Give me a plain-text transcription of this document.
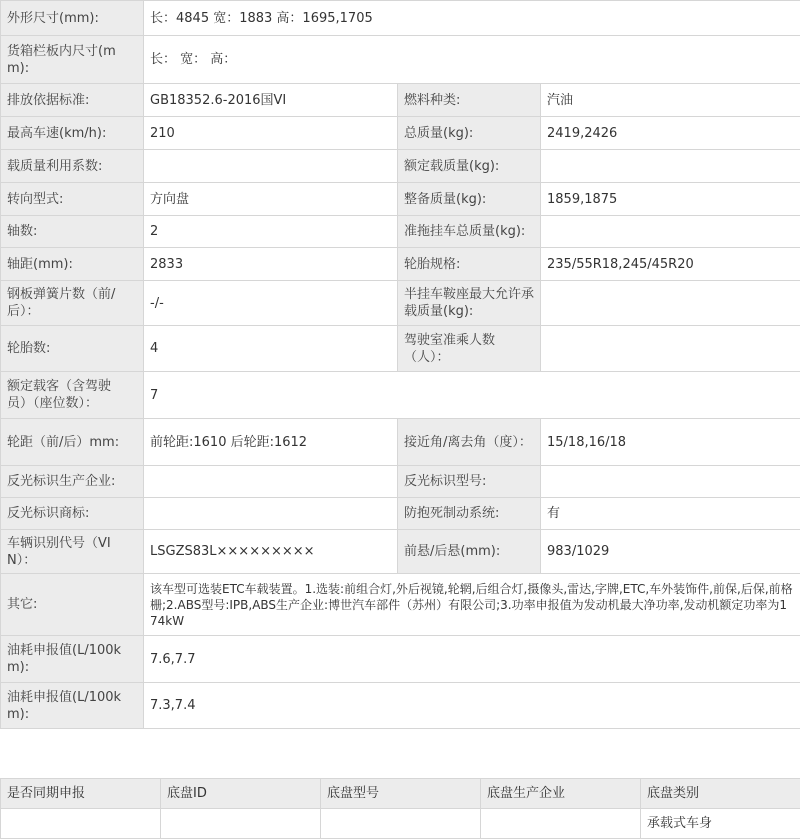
外形尺寸(mm):	长：4845 宽：1883 高：1695,1705		
货箱栏板内尺寸(mm):	长： 宽： 高：		
排放依据标准:	GB18352.6-2016国VI	燃料种类:	汽油
最高车速(km/h):	210	总质量(kg):	2419,2426
载质量利用系数:		额定载质量(kg):	
转向型式:	方向盘	整备质量(kg):	1859,1875
轴数:	2	准拖挂车总质量(kg):	
轴距(mm):	2833	轮胎规格:	235/55R18,245/45R20
钢板弹簧片数（前/后）：	-/-	半挂车鞍座最大允许承载质量(kg):	
轮胎数:	4	驾驶室准乘人数（人）：	
额定载客（含驾驶员）（座位数）：	7		
轮距（前/后）mm:	前轮距:1610 后轮距:1612	接近角/离去角（度）：	15/18,16/18
反光标识生产企业:		反光标识型号:	
反光标识商标:		防抱死制动系统:	有
车辆识别代号（VIN）：	LSGZS83L×××××××××	前悬/后悬(mm):	983/1029
其它:	该车型可选装ETC车载装置。1.选装:前组合灯,外后视镜,轮辋,后组合灯,摄像头,雷达,字牌,ETC,车外装饰件,前保,后保,前格栅;2.ABS型号:IPB,ABS生产企业:博世汽车部件（苏州）有限公司;3.功率申报值为发动机最大净功率,发动机额定功率为174kW		
油耗申报值(L/100km):	7.6,7.7		
油耗申报值(L/100km):	7.3,7.4		
是否同期申报	底盘ID	底盘型号	底盘生产企业	底盘类别
				承载式车身
